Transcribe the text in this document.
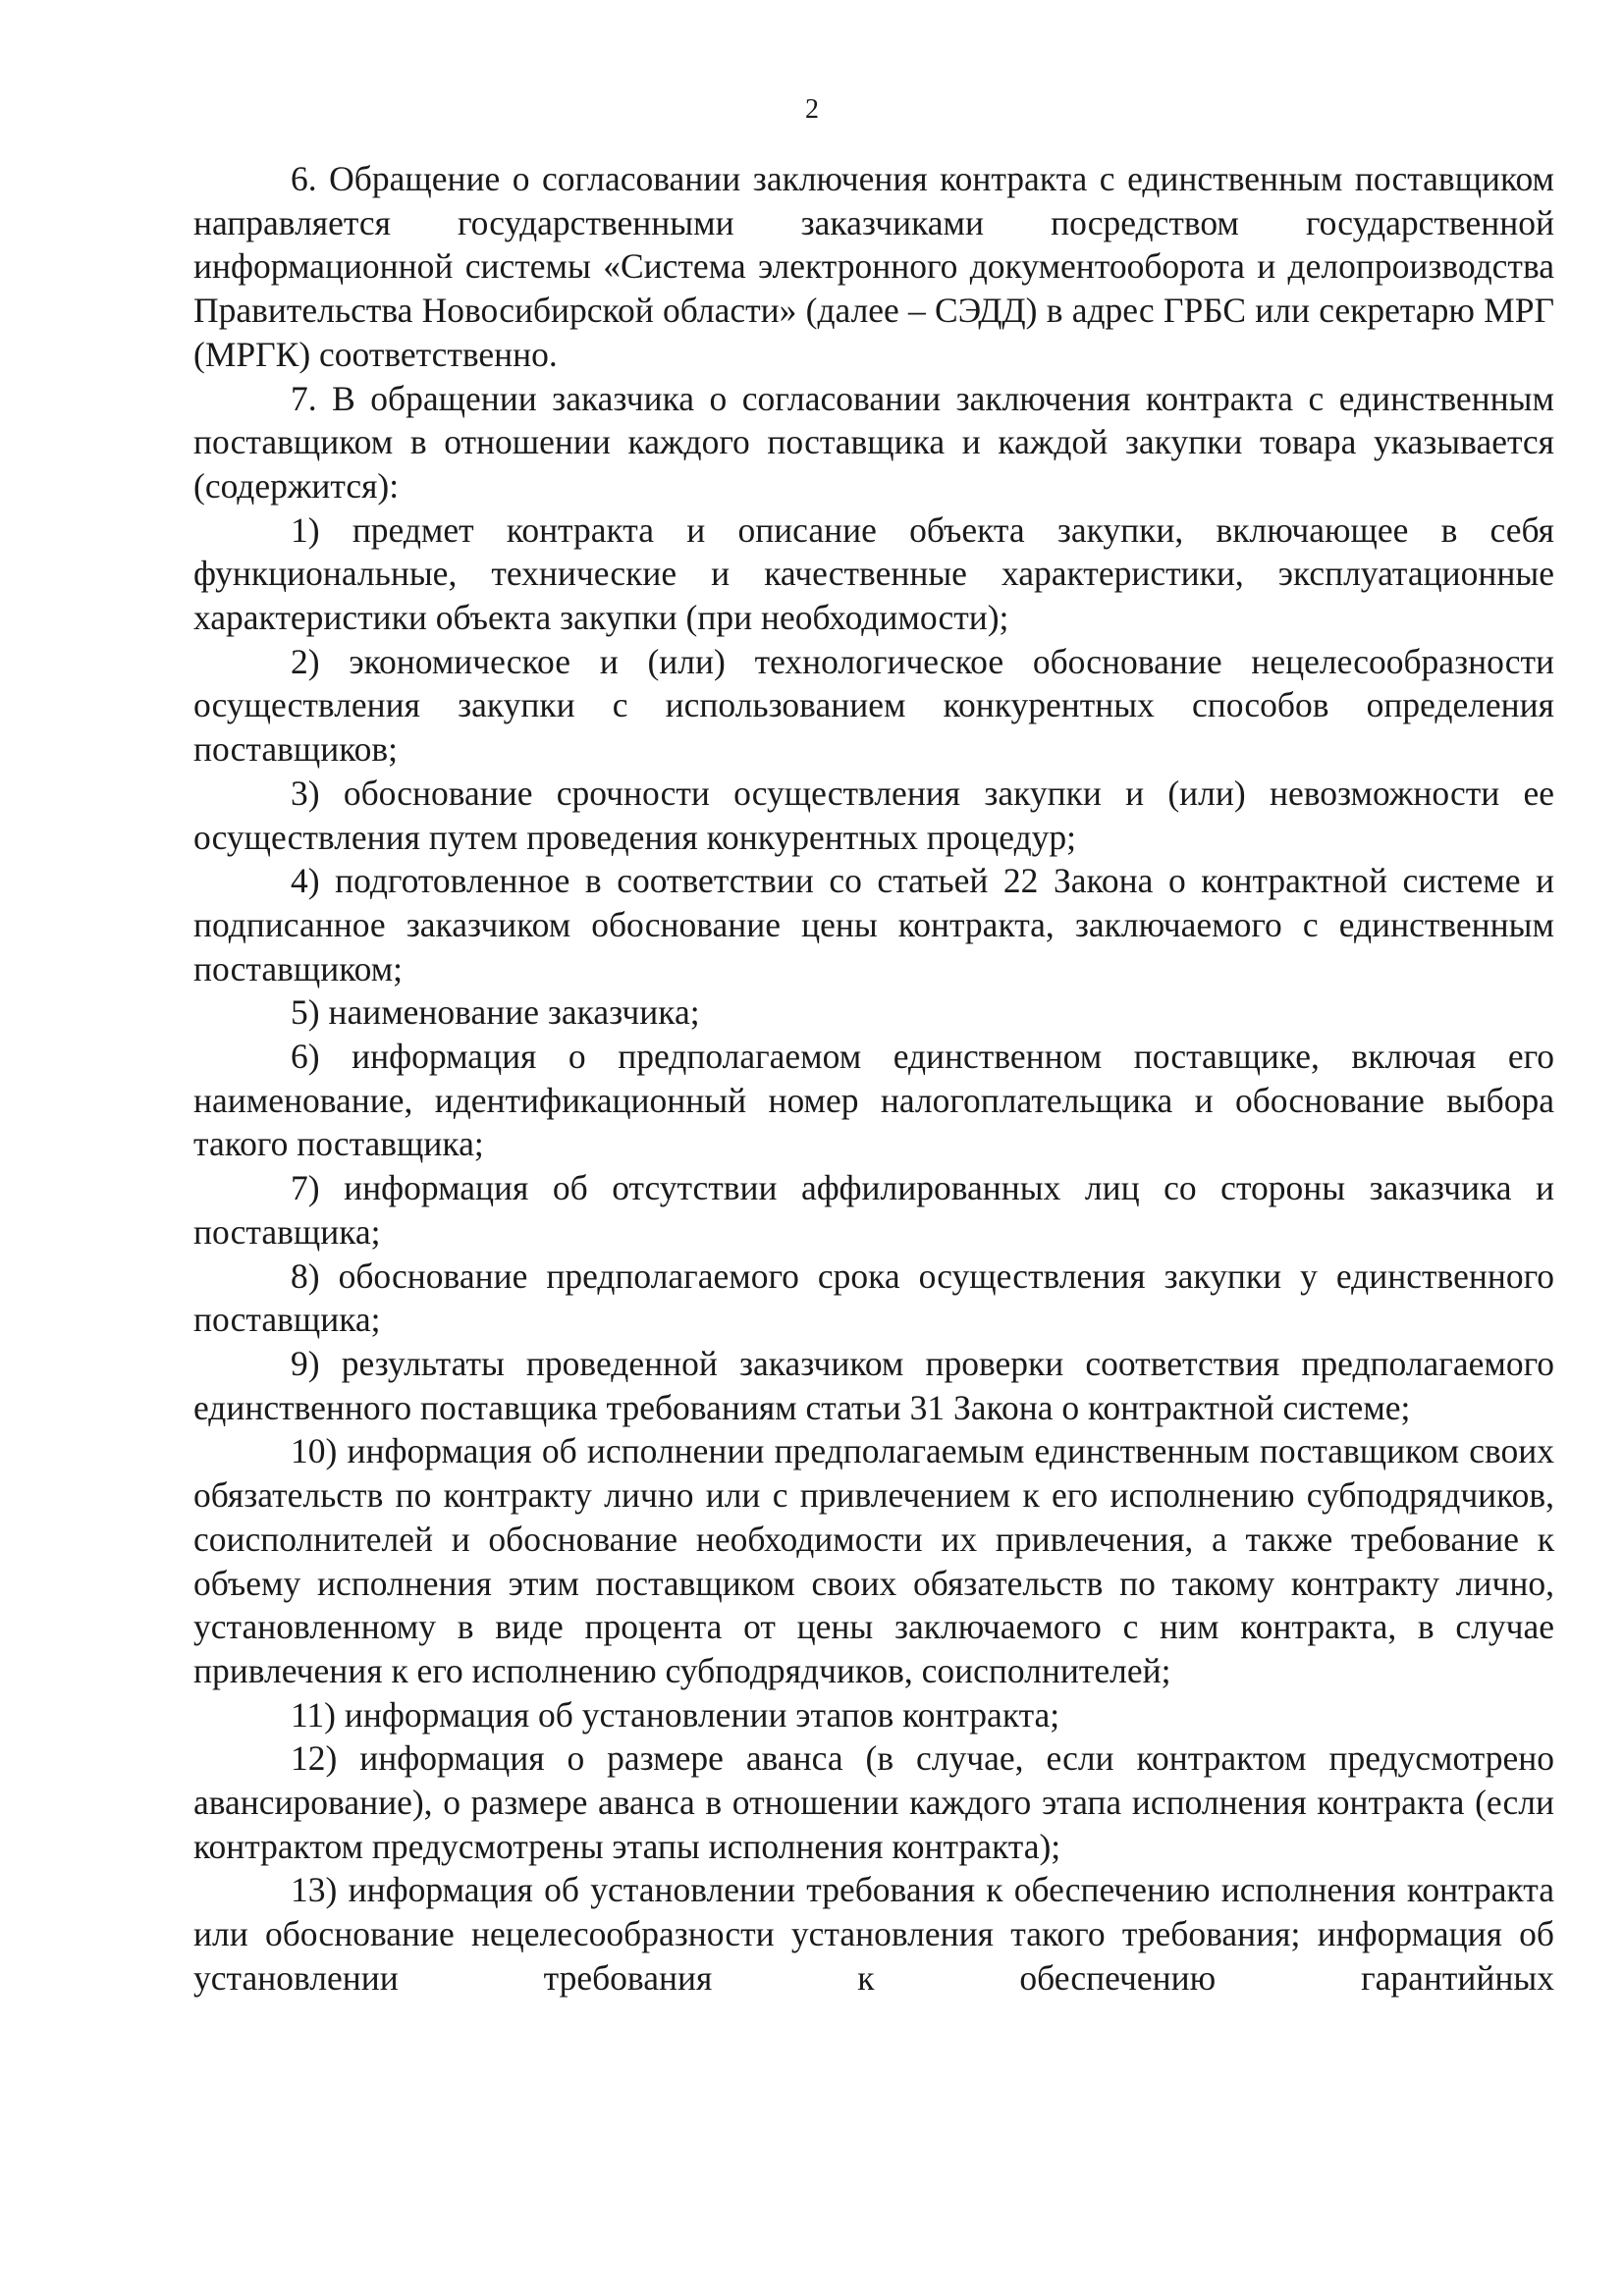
2

6. Обращение о согласовании заключения контракта с единственным поставщиком направляется государственными заказчиками посредством государственной информационной системы «Система электронного документооборота и делопроизводства Правительства Новосибирской области» (далее – СЭДД) в адрес ГРБС или секретарю МРГ (МРГК) соответственно.

7. В обращении заказчика о согласовании заключения контракта с единственным поставщиком в отношении каждого поставщика и каждой закупки товара указывается (содержится):

1) предмет контракта и описание объекта закупки, включающее в себя функциональные, технические и качественные характеристики, эксплуатационные характеристики объекта закупки (при необходимости);

2) экономическое и (или) технологическое обоснование нецелесообразности осуществления закупки с использованием конкурентных способов определения поставщиков;

3) обоснование срочности осуществления закупки и (или) невозможности ее осуществления путем проведения конкурентных процедур;

4) подготовленное в соответствии со статьей 22 Закона о контрактной системе и подписанное заказчиком обоснование цены контракта, заключаемого с единственным поставщиком;

5) наименование заказчика;

6) информация о предполагаемом единственном поставщике, включая его наименование, идентификационный номер налогоплательщика и обоснование выбора такого поставщика;

7) информация об отсутствии аффилированных лиц со стороны заказчика и поставщика;

8) обоснование предполагаемого срока осуществления закупки у единственного поставщика;

9) результаты проведенной заказчиком проверки соответствия предполагаемого единственного поставщика требованиям статьи 31 Закона о контрактной системе;

10) информация об исполнении предполагаемым единственным поставщиком своих обязательств по контракту лично или с привлечением к его исполнению субподрядчиков, соисполнителей и обоснование необходимости их привлечения, а также требование к объему исполнения этим поставщиком своих обязательств по такому контракту лично, установленному в виде процента от цены заключаемого с ним контракта, в случае привлечения к его исполнению субподрядчиков, соисполнителей;

11) информация об установлении этапов контракта;

12) информация о размере аванса (в случае, если контрактом предусмотрено авансирование), о размере аванса в отношении каждого этапа исполнения контракта (если контрактом предусмотрены этапы исполнения контракта);

13) информация об установлении требования к обеспечению исполнения контракта или обоснование нецелесообразности установления такого требования; информация об установлении требования к обеспечению гарантийных
